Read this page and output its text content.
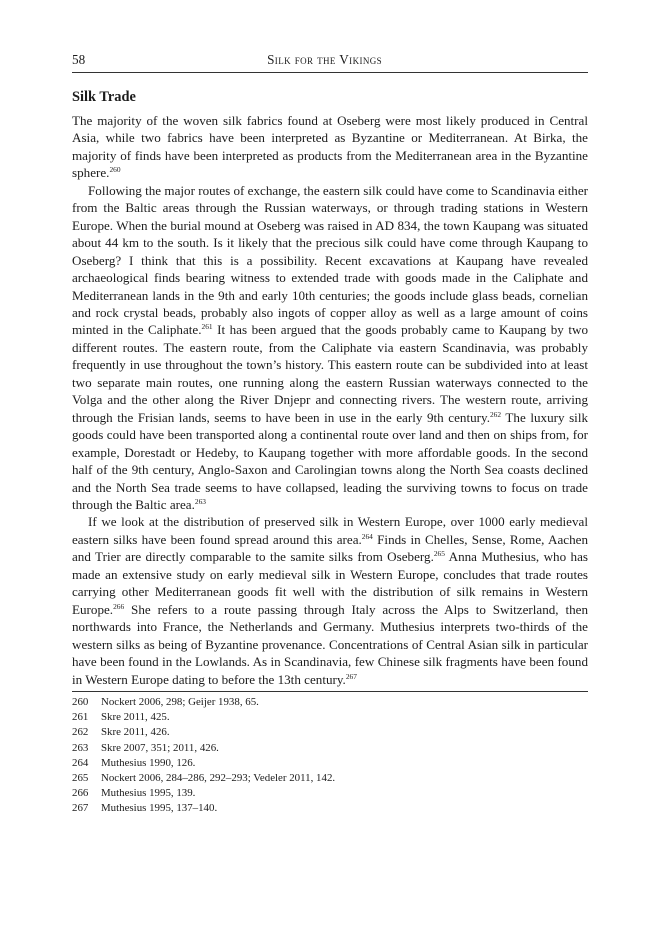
58	Silk for the Vikings
Silk Trade

The majority of the woven silk fabrics found at Oseberg were most likely produced in Central Asia, while two fabrics have been interpreted as Byzantine or Mediterranean. At Birka, the majority of finds have been interpreted as products from the Mediterranean area in the Byzantine sphere.$^{260}$

Following the major routes of exchange, the eastern silk could have come to Scandinavia either from the Baltic areas through the Russian waterways, or through trading stations in Western Europe. When the burial mound at Oseberg was raised in AD 834, the town Kaupang was situated about 44 km to the south. Is it likely that the precious silk could have come through Kaupang to Oseberg? I think that this is a possibility. Recent excavations at Kaupang have revealed archaeological finds bearing witness to extended trade with goods made in the Caliphate and Mediterranean lands in the 9th and early 10th centuries; the goods include glass beads, cornelian and rock crystal beads, probably also ingots of copper alloy as well as a large amount of coins minted in the Caliphate.$^{261}$ It has been argued that the goods probably came to Kaupang by two different routes. The eastern route, from the Caliphate via eastern Scandinavia, was probably frequently in use throughout the town’s history. This eastern route can be subdivided into at least two separate main routes, one running along the eastern Russian waterways connected to the Volga and the other along the River Dnjepr and connecting rivers. The western route, arriving through the Frisian lands, seems to have been in use in the early 9th century.$^{262}$ The luxury silk goods could have been transported along a continental route over land and then on ships from, for example, Dorestadt or Hedeby, to Kaupang together with more affordable goods. In the second half of the 9th century, Anglo-Saxon and Carolingian towns along the North Sea coasts declined and the North Sea trade seems to have collapsed, leading the surviving towns to focus on trade through the Baltic area.$^{263}$

If we look at the distribution of preserved silk in Western Europe, over 1000 early medieval eastern silks have been found spread around this area.$^{264}$ Finds in Chelles, Sense, Rome, Aachen and Trier are directly comparable to the samite silks from Oseberg.$^{265}$ Anna Muthesius, who has made an extensive study on early medieval silk in Western Europe, concludes that trade routes carrying other Mediterranean goods fit well with the distribution of silk remains in Western Europe.$^{266}$ She refers to a route passing through Italy across the Alps to Switzerland, then northwards into France, the Netherlands and Germany. Muthesius interprets two-thirds of the western silks as being of Byzantine provenance. Concentrations of Central Asian silk in particular have been found in the Lowlands. As in Scandinavia, few Chinese silk fragments have been found in Western Europe dating to before the 13th century.$^{267}$

260	Nockert 2006, 298; Geijer 1938, 65.
261	Skre 2011, 425.
262	Skre 2011, 426.
263	Skre 2007, 351; 2011, 426.
264	Muthesius 1990, 126.
265	Nockert 2006, 284–286, 292–293; Vedeler 2011, 142.
266	Muthesius 1995, 139.
267	Muthesius 1995, 137–140.
